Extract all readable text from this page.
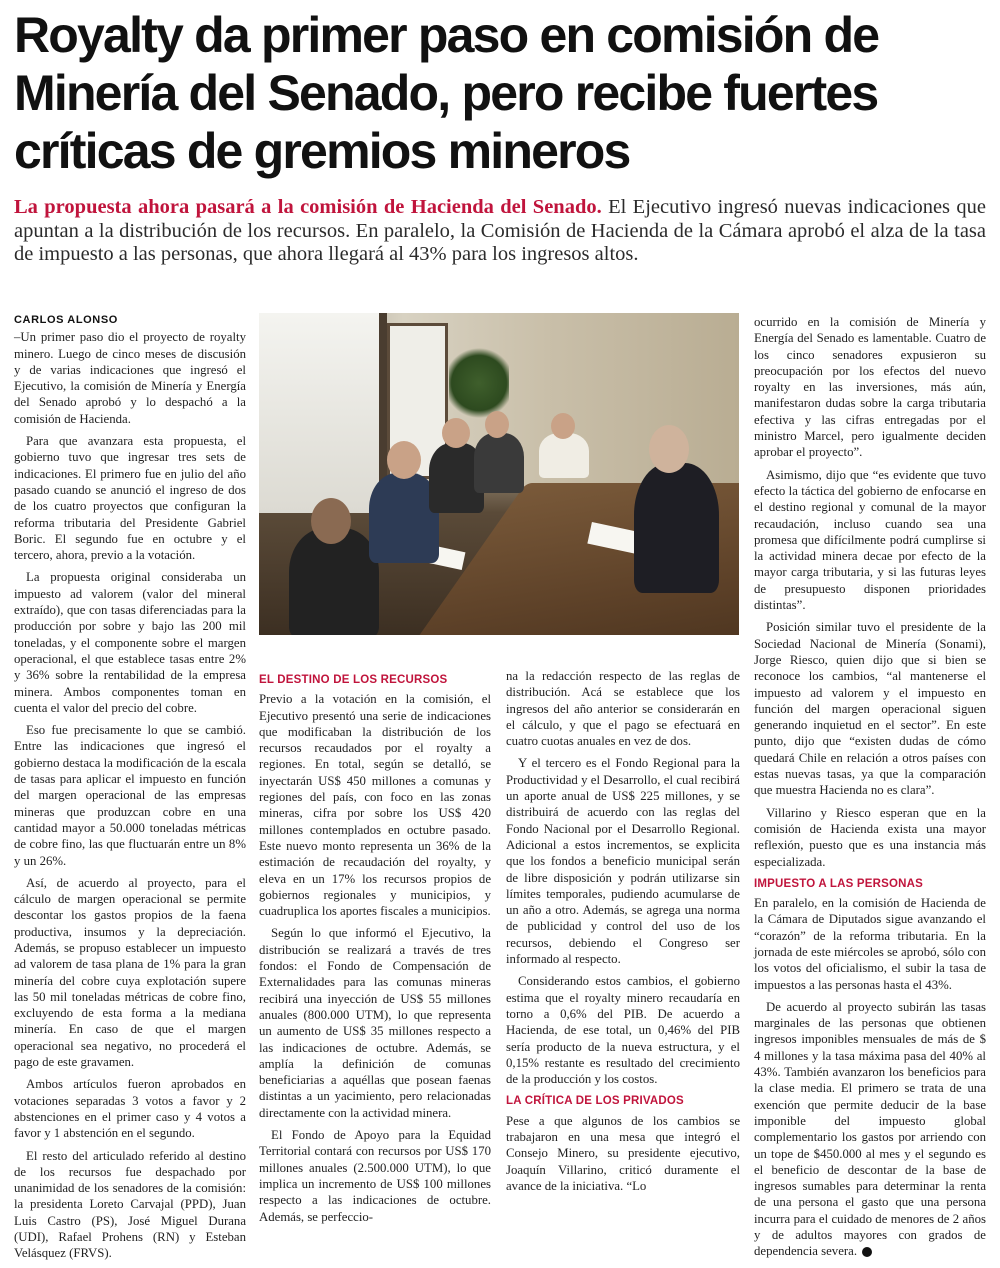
Royalty da primer paso en comisión de Minería del Senado, pero recibe fuertes críticas de gremios mineros

La propuesta ahora pasará a la comisión de Hacienda del Senado. El Ejecutivo ingresó nuevas indicaciones que apuntan a la distribución de los recursos. En paralelo, la Comisión de Hacienda de la Cámara aprobó el alza de la tasa de impuesto a las personas, que ahora llegará al 43% para los ingresos altos.

CARLOS ALONSO

–Un primer paso dio el proyecto de royalty minero. Luego de cinco meses de discusión y de varias indicaciones que ingresó el Ejecutivo, la comisión de Minería y Energía del Senado aprobó y lo despachó a la comisión de Hacienda.

Para que avanzara esta propuesta, el gobierno tuvo que ingresar tres sets de indicaciones. El primero fue en julio del año pasado cuando se anunció el ingreso de dos de los cuatro proyectos que configuran la reforma tributaria del Presidente Gabriel Boric. El segundo fue en octubre y el tercero, ahora, previo a la votación.

La propuesta original consideraba un impuesto ad valorem (valor del mineral extraído), que con tasas diferenciadas para la producción por sobre y bajo las 200 mil toneladas, y el componente sobre el margen operacional, el que establece tasas entre 2% y 36% sobre la rentabilidad de la empresa minera. Ambos componentes toman en cuenta el valor del precio del cobre.

Eso fue precisamente lo que se cambió. Entre las indicaciones que ingresó el gobierno destaca la modificación de la escala de tasas para aplicar el impuesto en función del margen operacional de las empresas mineras que produzcan cobre en una cantidad mayor a 50.000 toneladas métricas de cobre fino, las que fluctuarán entre un 8% y un 26%.

Así, de acuerdo al proyecto, para el cálculo de margen operacional se permite descontar los gastos propios de la faena productiva, insumos y la depreciación. Además, se propuso establecer un impuesto ad valorem de tasa plana de 1% para la gran minería del cobre cuya explotación supere las 50 mil toneladas métricas de cobre fino, excluyendo de esta forma a la mediana minería. En caso de que el margen operacional sea negativo, no procederá el pago de este gravamen.

Ambos artículos fueron aprobados en votaciones separadas 3 votos a favor y 2 abstenciones en el primer caso y 4 votos a favor y 1 abstención en el segundo.

El resto del articulado referido al destino de los recursos fue despachado por unanimidad de los senadores de la comisión: la presidenta Loreto Carvajal (PPD), Juan Luis Castro (PS), José Miguel Durana (UDI), Rafael Prohens (RN) y Esteban Velásquez (FRVS).

EL DESTINO DE LOS RECURSOS

Previo a la votación en la comisión, el Ejecutivo presentó una serie de indicaciones que modificaban la distribución de los recursos recaudados por el royalty a regiones. En total, según se detalló, se inyectarán US$ 450 millones a comunas y regiones del país, con foco en las zonas mineras, cifra por sobre los US$ 420 millones contemplados en octubre pasado. Este nuevo monto representa un 36% de la estimación de recaudación del royalty, y eleva en un 17% los recursos propios de gobiernos regionales y municipios, y cuadruplica los aportes fiscales a municipios.

Según lo que informó el Ejecutivo, la distribución se realizará a través de tres fondos: el Fondo de Compensación de Externalidades para las comunas mineras recibirá una inyección de US$ 55 millones anuales (800.000 UTM), lo que representa un aumento de US$ 35 millones respecto a las indicaciones de octubre. Además, se amplía la definición de comunas beneficiarias a aquéllas que posean faenas distintas a un yacimiento, pero relacionadas directamente con la actividad minera.

El Fondo de Apoyo para la Equidad Territorial contará con recursos por US$ 170 millones anuales (2.500.000 UTM), lo que implica un incremento de US$ 100 millones respecto a las indicaciones de octubre. Además, se perfeccio-

na la redacción respecto de las reglas de distribución. Acá se establece que los ingresos del año anterior se considerarán en el cálculo, y que el pago se efectuará en cuatro cuotas anuales en vez de dos.

Y el tercero es el Fondo Regional para la Productividad y el Desarrollo, el cual recibirá un aporte anual de US$ 225 millones, y se distribuirá de acuerdo con las reglas del Fondo Nacional por el Desarrollo Regional. Adicional a estos incrementos, se explicita que los fondos a beneficio municipal serán de libre disposición y podrán utilizarse sin límites temporales, pudiendo acumularse de un año a otro. Además, se agrega una norma de publicidad y control del uso de los recursos, debiendo el Congreso ser informado al respecto.

Considerando estos cambios, el gobierno estima que el royalty minero recaudaría en torno a 0,6% del PIB. De acuerdo a Hacienda, de ese total, un 0,46% del PIB sería producto de la nueva estructura, y el 0,15% restante es resultado del crecimiento de la producción y los costos.

LA CRÍTICA DE LOS PRIVADOS

Pese a que algunos de los cambios se trabajaron en una mesa que integró el Consejo Minero, su presidente ejecutivo, Joaquín Villarino, criticó duramente el avance de la iniciativa. “Lo

ocurrido en la comisión de Minería y Energía del Senado es lamentable. Cuatro de los cinco senadores expusieron su preocupación por los efectos del nuevo royalty en las inversiones, más aún, manifestaron dudas sobre la carga tributaria efectiva y las cifras entregadas por el ministro Marcel, pero igualmente deciden aprobar el proyecto”.

Asimismo, dijo que “es evidente que tuvo efecto la táctica del gobierno de enfocarse en el destino regional y comunal de la mayor recaudación, incluso cuando sea una promesa que difícilmente podrá cumplirse si la actividad minera decae por efecto de la mayor carga tributaria, y si las futuras leyes de presupuesto disponen prioridades distintas”.

Posición similar tuvo el presidente de la Sociedad Nacional de Minería (Sonami), Jorge Riesco, quien dijo que si bien se reconoce los cambios, “al mantenerse el impuesto ad valorem y el impuesto en función del margen operacional siguen generando inquietud en el sector”. En este punto, dijo que “existen dudas de cómo quedará Chile en relación a otros países con estas nuevas tasas, ya que la comparación que muestra Hacienda no es clara”.

Villarino y Riesco esperan que en la comisión de Hacienda exista una mayor reflexión, puesto que es una instancia más especializada.

IMPUESTO A LAS PERSONAS

En paralelo, en la comisión de Hacienda de la Cámara de Diputados sigue avanzando el “corazón” de la reforma tributaria. En la jornada de este miércoles se aprobó, sólo con los votos del oficialismo, el subir la tasa de impuestos a las personas hasta el 43%.

De acuerdo al proyecto subirán las tasas marginales de las personas que obtienen ingresos imponibles mensuales de más de $ 4 millones y la tasa máxima pasa del 40% al 43%. También avanzaron los beneficios para la clase media. El primero se trata de una exención que permite deducir de la base imponible del impuesto global complementario los gastos por arriendo con un tope de $450.000 al mes y el segundo es el beneficio de descontar de la base de ingresos sumables para determinar la renta de una persona el gasto que una persona incurra para el cuidado de menores de 2 años y de adultos mayores con grados de dependencia severa. P
